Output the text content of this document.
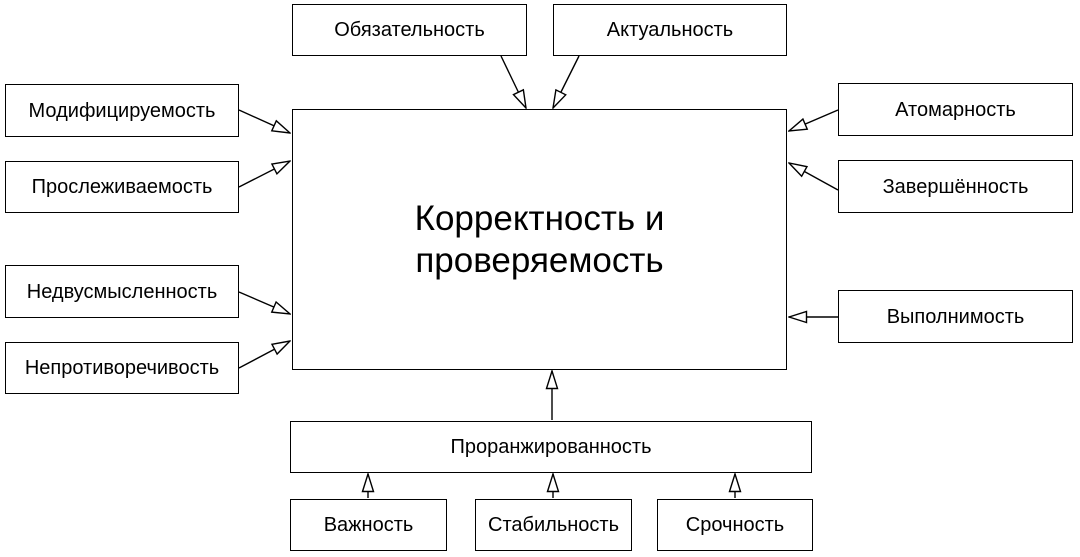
Обязательность	Актуальность
Модифицируемость
Прослеживаемость
Недвусмысленность
Непротиворечивость
Атомарность
Завершённость
Выполнимость
Корректность и
проверяемость
Проранжированность
Важность	Стабильность	Срочность
